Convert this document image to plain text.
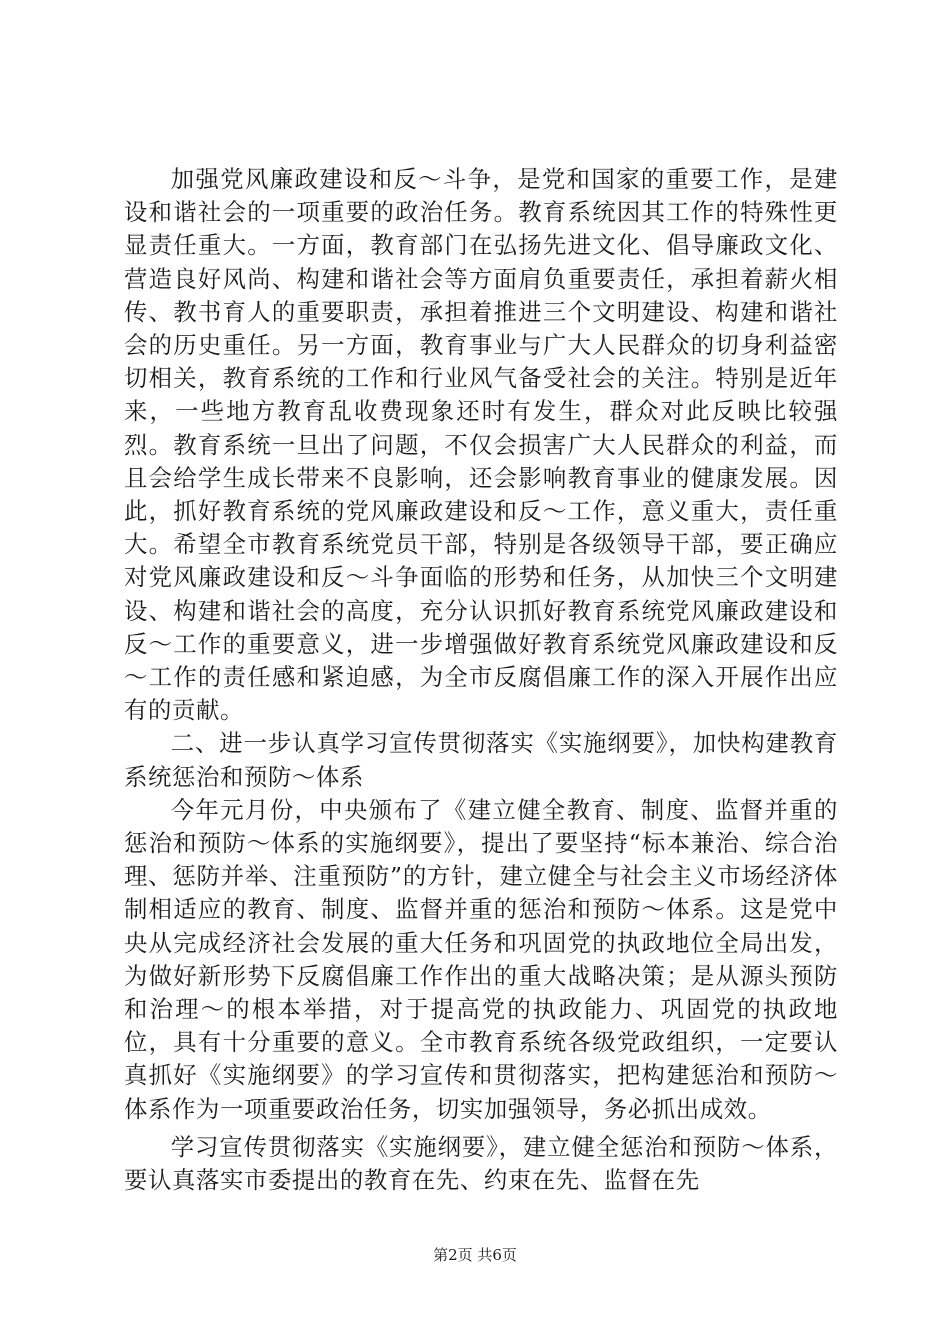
加强党风廉政建设和反～斗争，是党和国家的重要工作，是建设和谐社会的一项重要的政治任务。教育系统因其工作的特殊性更显责任重大。一方面，教育部门在弘扬先进文化、倡导廉政文化、营造良好风尚、构建和谐社会等方面肩负重要责任，承担着薪火相传、教书育人的重要职责，承担着推进三个文明建设、构建和谐社会的历史重任。另一方面，教育事业与广大人民群众的切身利益密切相关，教育系统的工作和行业风气备受社会的关注。特别是近年来，一些地方教育乱收费现象还时有发生，群众对此反映比较强烈。教育系统一旦出了问题，不仅会损害广大人民群众的利益，而且会给学生成长带来不良影响，还会影响教育事业的健康发展。因此，抓好教育系统的党风廉政建设和反～工作，意义重大，责任重大。希望全市教育系统党员干部，特别是各级领导干部，要正确应对党风廉政建设和反～斗争面临的形势和任务，从加快三个文明建设、构建和谐社会的高度，充分认识抓好教育系统党风廉政建设和反～工作的重要意义，进一步增强做好教育系统党风廉政建设和反～工作的责任感和紧迫感，为全市反腐倡廉工作的深入开展作出应有的贡献。

二、进一步认真学习宣传贯彻落实《实施纲要》，加快构建教育系统惩治和预防～体系

今年元月份，中央颁布了《建立健全教育、制度、监督并重的惩治和预防～体系的实施纲要》，提出了要坚持“标本兼治、综合治理、惩防并举、注重预防”的方针，建立健全与社会主义市场经济体制相适应的教育、制度、监督并重的惩治和预防～体系。这是党中央从完成经济社会发展的重大任务和巩固党的执政地位全局出发，为做好新形势下反腐倡廉工作作出的重大战略决策；是从源头预防和治理～的根本举措，对于提高党的执政能力、巩固党的执政地位，具有十分重要的意义。全市教育系统各级党政组织，一定要认真抓好《实施纲要》的学习宣传和贯彻落实，把构建惩治和预防～体系作为一项重要政治任务，切实加强领导，务必抓出成效。

学习宣传贯彻落实《实施纲要》，建立健全惩治和预防～体系，要认真落实市委提出的教育在先、约束在先、监督在先

第2页 共6页
